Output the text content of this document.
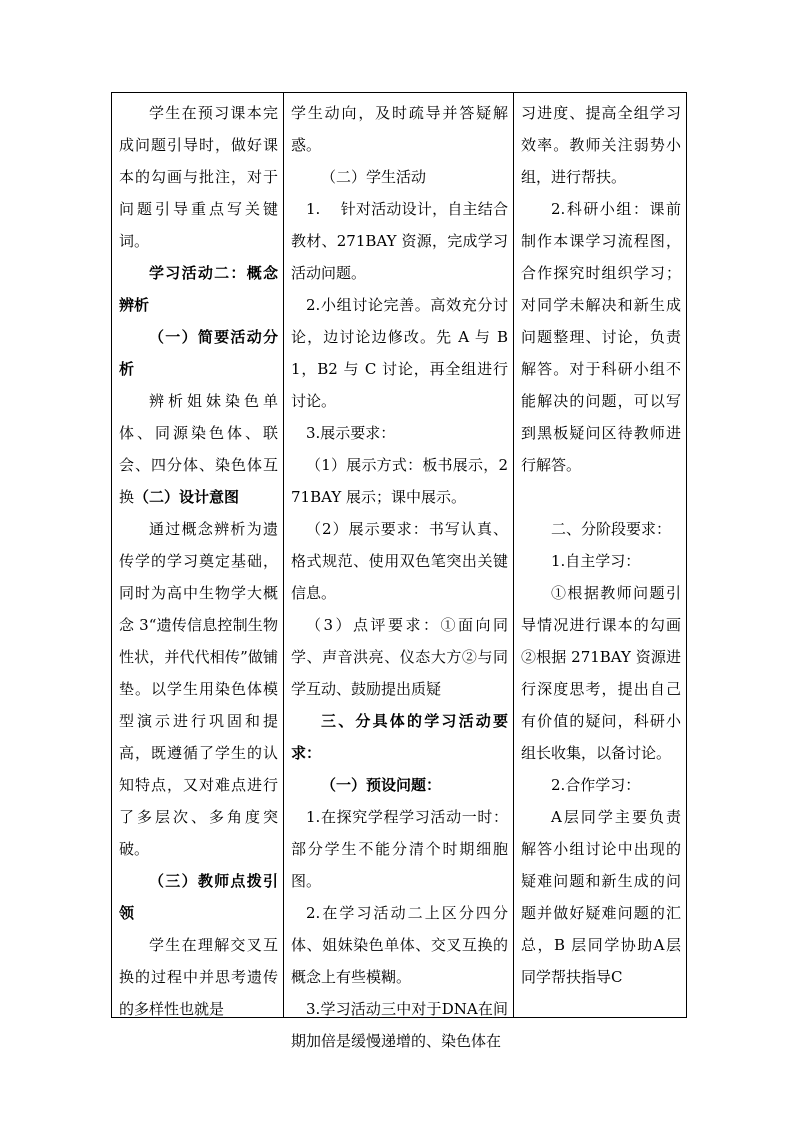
学生在预习课本完成问题引导时，做好课本的勾画与批注，对于问题引导重点写关键词。

学习活动二：概念辨析

（一）简要活动分析

辨析姐妹染色单体、同源染色体、联会、四分体、染色体互换（二）设计意图

通过概念辨析为遗传学的学习奠定基础，同时为高中生物学大概念 3“遗传信息控制生物性状，并代代相传”做铺垫。以学生用染色体模型演示进行巩固和提高，既遵循了学生的认知特点，又对难点进行了多层次、多角度突破。

（三）教师点拨引领

学生在理解交叉互换的过程中并思考遗传的多样性也就是

学生动向，及时疏导并答疑解惑。

（二）学生活动

1.　 针对活动设计，自主结合教材、271BAY 资源，完成学习活动问题。

2.小组讨论完善。高效充分讨论，边讨论边修改。先 A 与 B1，B2 与 C 讨论，再全组进行讨论。

3.展示要求：

（1）展示方式：板书展示，271BAY 展示；课中展示。

（2）展示要求：书写认真、格式规范、使用双色笔突出关键信息。

（3）点评要求：①面向同学、声音洪亮、仪态大方②与同学互动、鼓励提出质疑

三、分具体的学习活动要求：

（一）预设问题：

1.在探究学程学习活动一时：部分学生不能分清个时期细胞图。

2.在学习活动二上区分四分体、姐妹染色单体、交叉互换的概念上有些模糊。

3.学习活动三中对于DNA在间期加倍是缓慢递增的、染色体在

习进度、提高全组学习效率。教师关注弱势小组，进行帮扶。

2.科研小组：课前制作本课学习流程图，合作探究时组织学习；对同学未解决和新生成问题整理、讨论，负责解答。对于科研小组不能解决的问题，可以写到黑板疑问区待教师进行解答。

二、分阶段要求：

1.自主学习：

①根据教师问题引导情况进行课本的勾画②根据 271BAY 资源进行深度思考，提出自己有价值的疑问，科研小组长收集，以备讨论。

2.合作学习：

A层同学主要负责解答小组讨论中出现的疑难问题和新生成的问题并做好疑难问题的汇总，B 层同学协助A层同学帮扶指导C
